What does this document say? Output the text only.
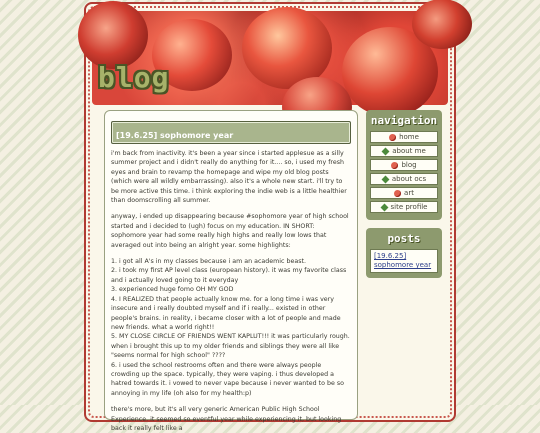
blog
[19.6.25] sophomore year

i'm back from inactivity. it's been a year since i started applesue as a silly summer project and i didn't really do anything for it.... so, i used my fresh eyes and brain to revamp the homepage and wipe my old blog posts (which were all wildly embarrassing). also it's a whole new start. i'll try to be more active this time. i think exploring the indie web is a little healthier than doomscrolling all summer.

anyway, i ended up disappearing because #sophomore year of high school started and i decided to (ugh) focus on my education. IN SHORT: sophomore year had some really high highs and really low lows that averaged out into being an alright year. some highlights:

1. i got all A's in my classes because i am an academic beast.
2. i took my first AP level class (european history). it was my favorite class and i actually loved going to it everyday
3. experienced huge fomo OH MY GOD
4. I REALIZED that people actually know me. for a long time i was very insecure and i really doubted myself and if i really... existed in other people's brains. in reality, i became closer with a lot of people and made new friends. what a world right!!
5. MY CLOSE CIRCLE OF FRIENDS WENT KAPLUT!!! it was particularly rough. when i brought this up to my older friends and siblings they were all like "seems normal for high school" ????
6. i used the school restrooms often and there were always people crowding up the space. typically, they were vaping. i thus developed a hatred towards it. i vowed to never vape because i never wanted to be so annoying in my life (oh also for my health:p)

there's more, but it's all very generic American Public High School Experience. it seemed so eventful year while experiencing it, but looking back it really felt like a

navigation
home
about me
blog
about ocs
art
site profile
posts
[19.6.25] sophomore year
